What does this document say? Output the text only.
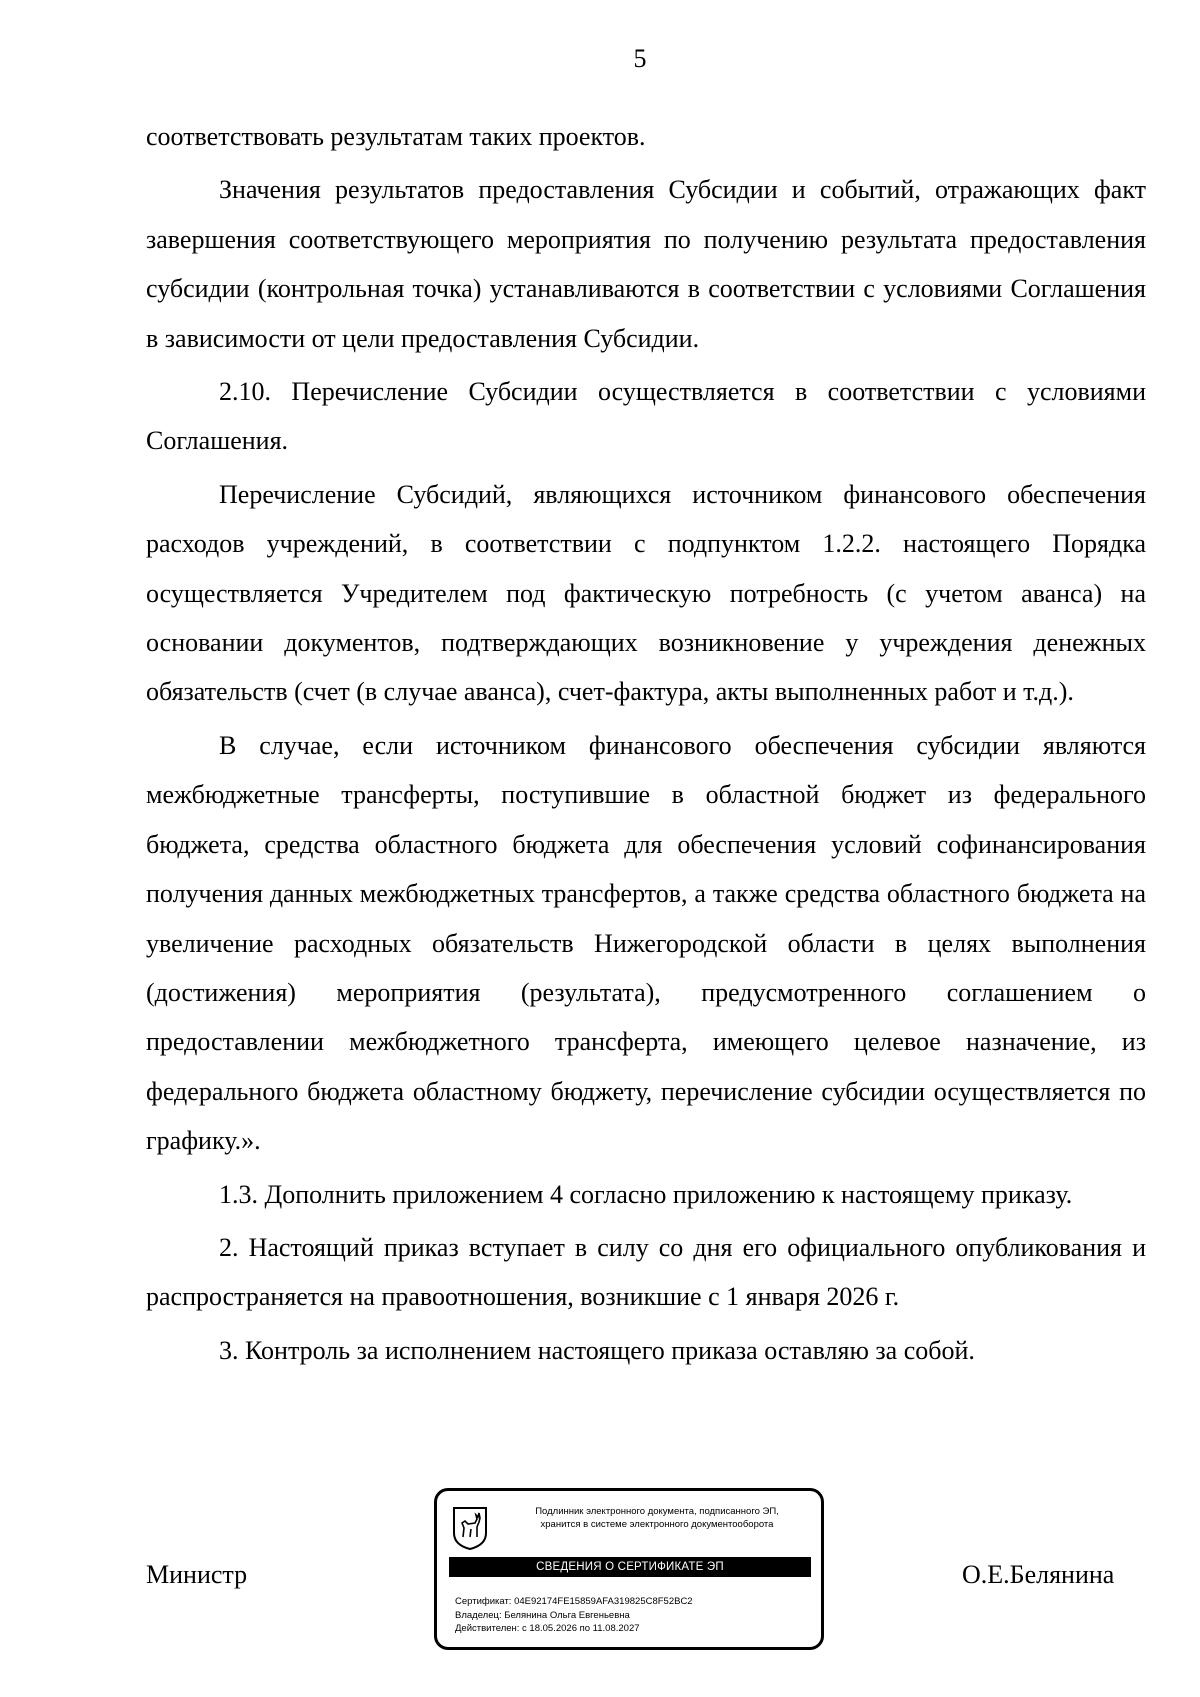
5

соответствовать результатам таких проектов.

Значения результатов предоставления Субсидии и событий, отражающих факт завершения соответствующего мероприятия по получению результата предоставления субсидии (контрольная точка) устанавливаются в соответствии с условиями Соглашения в зависимости от цели предоставления Субсидии.

2.10. Перечисление Субсидии осуществляется в соответствии с условиями Соглашения.

Перечисление Субсидий, являющихся источником финансового обеспечения расходов учреждений, в соответствии с подпунктом 1.2.2. настоящего Порядка осуществляется Учредителем под фактическую потребность (с учетом аванса) на основании документов, подтверждающих возникновение у учреждения денежных обязательств (счет (в случае аванса), счет-фактура, акты выполненных работ и т.д.).

В случае, если источником финансового обеспечения субсидии являются межбюджетные трансферты, поступившие в областной бюджет из федерального бюджета, средства областного бюджета для обеспечения условий софинансирования получения данных межбюджетных трансфертов, а также средства областного бюджета на увеличение расходных обязательств Нижегородской области в целях выполнения (достижения) мероприятия (результата), предусмотренного соглашением о предоставлении межбюджетного трансферта, имеющего целевое назначение, из федерального бюджета областному бюджету, перечисление субсидии осуществляется по графику.».

1.3. Дополнить приложением 4 согласно приложению к настоящему приказу.

2. Настоящий приказ вступает в силу со дня его официального опубликования и распространяется на правоотношения, возникшие с 1 января 2026 г.

3. Контроль за исполнением настоящего приказа оставляю за собой.

Министр	О.Е.Белянина
Подлинник электронного документа, подписанного ЭП,
хранится в системе электронного документооборота
СВЕДЕНИЯ О СЕРТИФИКАТЕ ЭП
Сертификат: 04E92174FE15859AFA319825C8F52BC2
Владелец: Белянина Ольга Евгеньевна
Действителен: с 18.05.2026 по 11.08.2027
